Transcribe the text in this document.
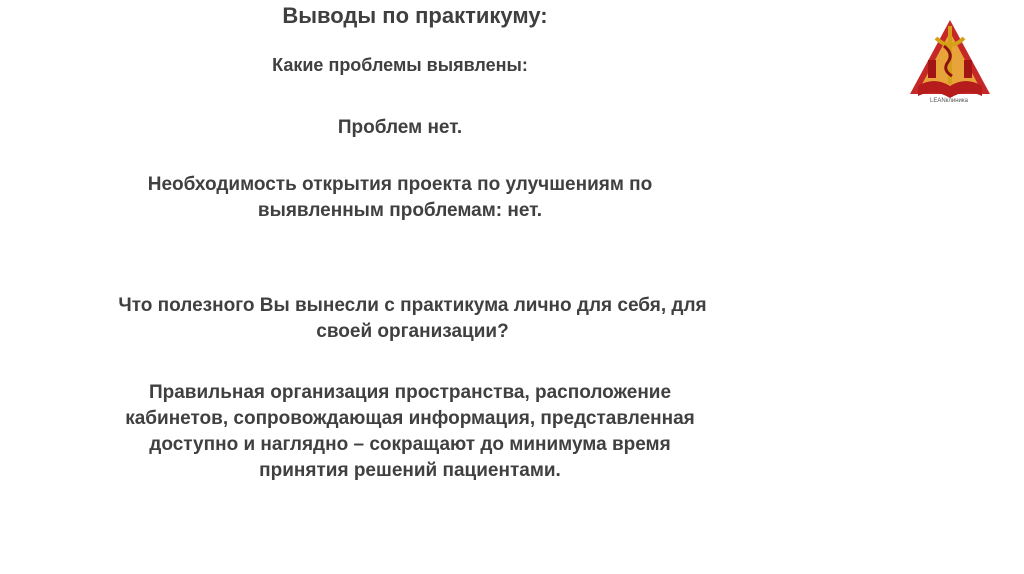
Выводы по практикуму:
Какие проблемы выявлены:
Проблем нет.
Необходимость открытия проекта по улучшениям по
выявленным проблемам: нет.
Что полезного Вы вынесли с практикума лично для себя, для
своей организации?
Правильная организация пространства, расположение
кабинетов, сопровождающая информация, представленная
доступно и наглядно – сокращают до минимума время
принятия решений пациентами.
LEANклиника
